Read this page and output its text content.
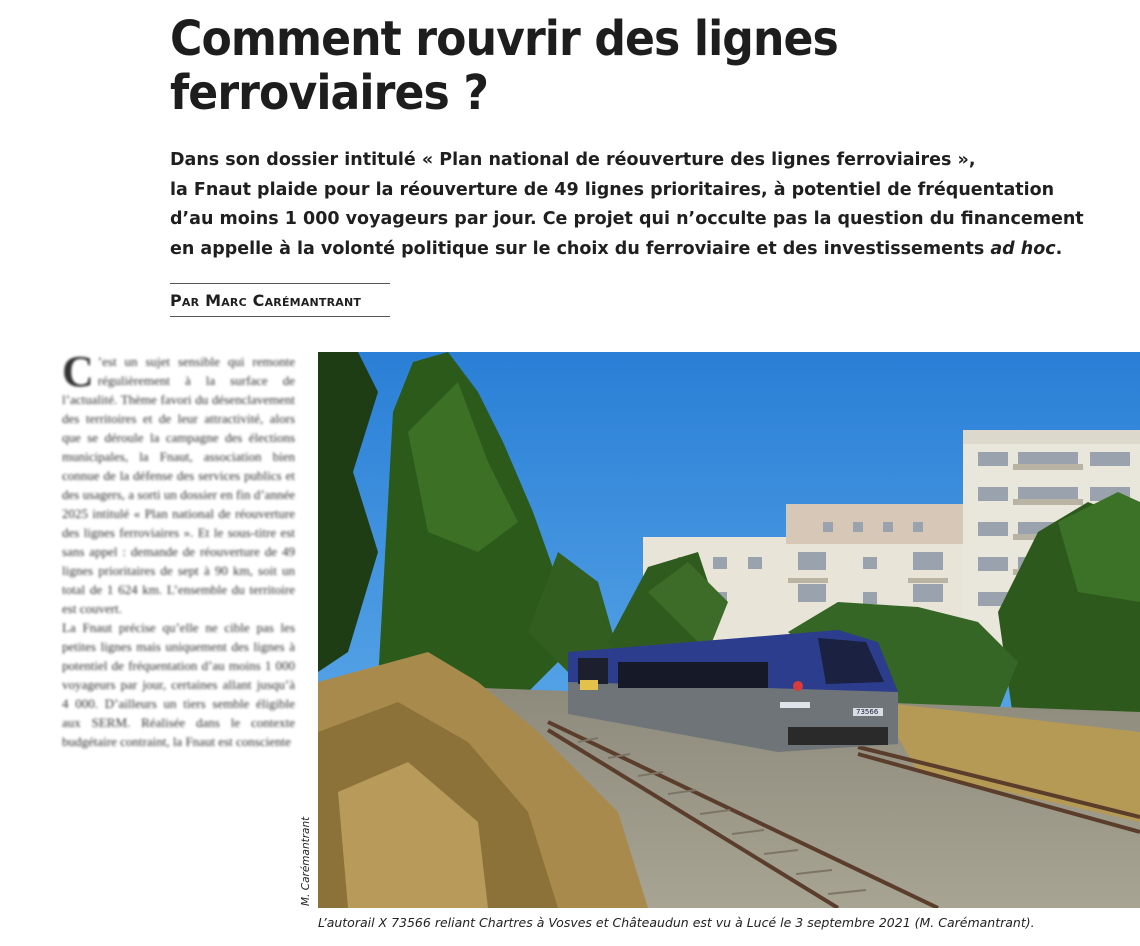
Comment rouvrir des lignes
ferroviaires ?
Dans son dossier intitulé « Plan national de réouverture des lignes ferroviaires »,
la Fnaut plaide pour la réouverture de 49 lignes prioritaires, à potentiel de fréquentation
d’au moins 1 000 voyageurs par jour. Ce projet qui n’occulte pas la question du financement
en appelle à la volonté politique sur le choix du ferroviaire et des investissements ad hoc.

Par Marc Carémantrant

C ’est un sujet sensible qui remonte régulièrement à la surface de l’actualité. Thème favori du désenclavement des territoires et de leur attractivité, alors que se déroule la campagne des élections municipales, la Fnaut, association bien connue de la défense des services publics et des usagers, a sorti un dossier en fin d’année 2025 intitulé « Plan national de réouverture des lignes ferroviaires ». Et le sous-titre est sans appel : demande de réouverture de 49 lignes prioritaires de sept à 90 km, soit un total de 1 624 km. L’ensemble du territoire est couvert.

La Fnaut précise qu’elle ne cible pas les petites lignes mais uniquement des lignes à potentiel de fréquentation d’au moins 1 000 voyageurs par jour, certaines allant jusqu’à 4 000. D’ailleurs un tiers semble éligible aux SERM. Réalisée dans le contexte budgétaire contraint, la Fnaut est consciente

73566
M. Carémantrant

L’autorail X 73566 reliant Chartres à Vosves et Châteaudun est vu à Lucé le 3 septembre 2021 (M. Carémantrant).
